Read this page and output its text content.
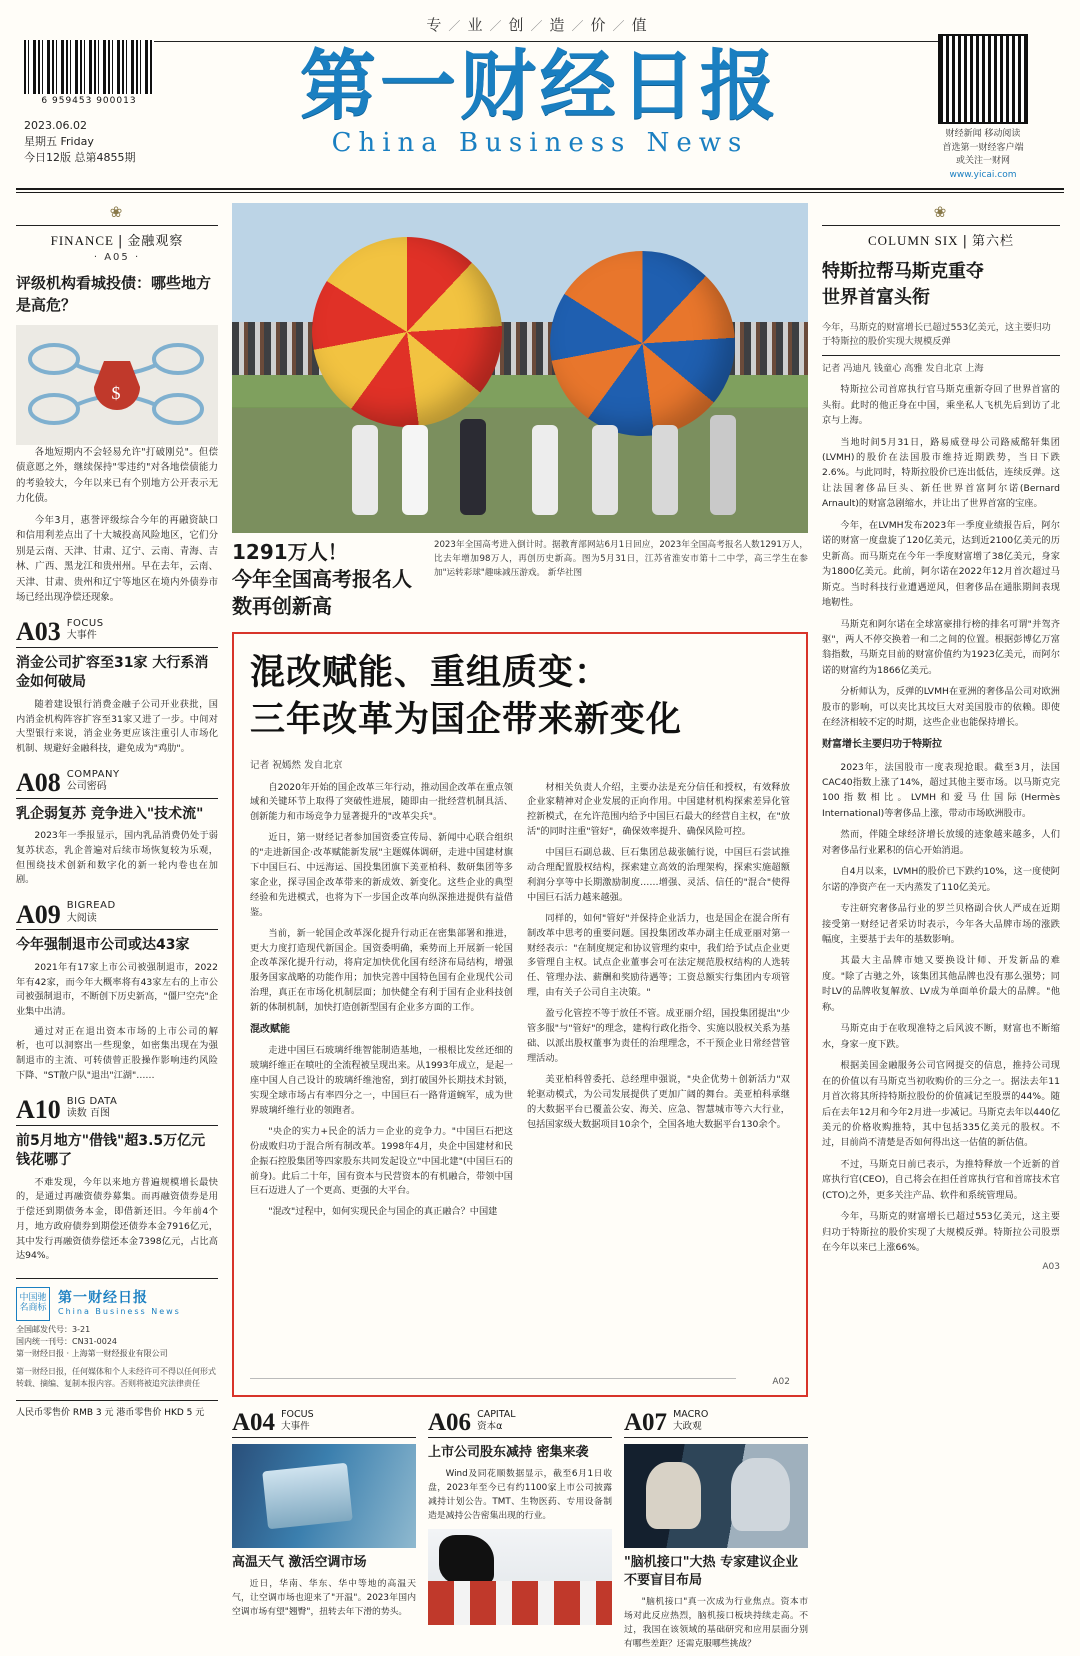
专／业／创／造／价／值
6 959453 900013
2023.06.02
星期五 Friday
今日12版 总第4855期
第一财经日报
China Business News	财经新闻 移动阅读
首选第一财经客户端
或关注一财网
www.yicai.com
❀
FINANCE | 金融观察
· A05 ·
评级机构看城投债：哪些地方是高危？
$

各地短期内不会轻易允许"打破刚兑"。但偿债意愿之外，继续保持"零违约"对各地偿债能力的考验较大，今年以来已有个别地方公开表示无力化债。

今年3月，惠誉评级综合今年的再融资缺口和信用利差点出了十大城投高风险地区，它们分别是云南、天津、甘肃、辽宁、云南、青海、吉林、广西、黑龙江和贵州州。早在去年，云南、天津、甘肃、贵州和辽宁等地区在境内外债券市场已经出现净偿还现象。

A03 FOCUS
大事件
消金公司扩容至31家 大行系消金如何破局

随着建设银行消费金融子公司开业获批，国内消金机构阵容扩容至31家又进了一步。中间对大型银行来说，消金业务更应该注重引人市场化机制、规避好金融科技，避免成为"鸡肋"。

A08 COMPANY
公司密码
乳企弱复苏 竞争进入"技术流"

2023年一季报显示，国内乳品消费仍处于弱复苏状态，乳企普遍对后续市场恢复较为乐观，但围绕技术创新和数字化的新一轮内卷也在加剧。

A09 BIGREAD
大阅读
今年强制退市公司或达43家

2021年有17家上市公司被强制退市，2022年有42家，而今年大概率将有43家左右的上市公司被强制退市，不断创下历史新高，"僵尸空壳"企业集中出清。

通过对正在退出资本市场的上市公司的解析，也可以洞察出一些现象，如密集出现在为强制退市的主流、可转债曾正股操作影响违约风险下降、"ST散户队"退出"江湖"……

A10 BIG DATA
读数 百图
前5月地方"借钱"超3.5万亿元 钱花哪了

不难发现，今年以来地方普遍规模增长最快的，是通过再融资债券募集。而再融资债券是用于偿还到期债务本金，即借新还旧。今年前4个月，地方政府债券到期偿还债券本金7916亿元，其中发行再融资债券偿还本金7398亿元，占比高达94%。

中国驰名商标
第一财经日报
China Business News
全国邮发代号：3-21
国内统一刊号：CN31-0024
第一财经日报 · 上海第一财经报业有限公司
第一财经日报，任何媒体和个人未经许可不得以任何形式转载、摘编、复制本报内容。否则将被追究法律责任
人民币零售价 RMB 3 元 港币零售价 HKD 5 元
1291万人！
今年全国高考报名人数再创新高
2023年全国高考进入倒计时。据教育部网站6月1日回应，2023年全国高考报名人数1291万人，比去年增加98万人，再创历史新高。图为5月31日，江苏省淮安市第十二中学，高三学生在参加"运转彩球"趣味减压游戏。 新华社图
混改赋能、重组质变：
三年改革为国企带来新变化
记者 祝嫣然 发自北京

自2020年开始的国企改革三年行动，推动国企改革在重点领域和关键环节上取得了突破性进展，随即由一批经营机制具活、创新能力和市场竞争力显著提升的"改革尖兵"。

近日，第一财经记者参加国资委宣传局、新闻中心联合组织的"走进新国企·改革赋能新发展"主题媒体调研，走进中国建材旗下中国巨石、中远海运、国投集团旗下美亚柏科、数研集团等多家企业，探寻国企改革带来的新成效、新变化。这些企业的典型经验和先进模式，也将为下一步国企改革向纵深推进提供有益借鉴。

当前，新一轮国企改革深化提升行动正在密集部署和推进，更大力度打造现代新国企。国资委明确，乘势而上开展新一轮国企改革深化提升行动，将肩定加快优化国有经济布局结构，增强服务国家战略的功能作用；加快完善中国特色国有企业现代公司治理，真正在市场化机制层面；加快健全有利于国有企业科技创新的体制机制，加快打造创新型国有企业多方面的工作。

混改赋能

走进中国巨石玻璃纤维智能制造基地，一根根比发丝还细的玻璃纤维正在喷吐的全流程被呈现出来。从1993年成立，是起一座中国人自己设计的玻璃纤维池窑，到打破国外长期技术封锁，实现全球市场占有率四分之一，中国巨石一路背道蜿军，成为世界玻璃纤维行业的领跑者。

"央企的实力+民企的活力＝企业的竞争力。"中国巨石把这份成败归功于混合所有制改革。1998年4月，央企中国建材和民企振石控股集团等四家股东共同发起设立"中国北建"(中国巨石的前身)。此后二十年，国有资本与民营资本的有机融合，带领中国巨石迈进人了一个更高、更强的大平台。

"混改"过程中，如何实现民企与国企的真正融合？中国建

材相关负责人介绍，主要办法是充分信任和授权，有效释放企业家精神对企业发展的正向作用。中国建材机构探索差异化管控新模式，在允许范围内给予中国巨石最大的经营自主权，在"放活"的同时注重"管好"，确保效率提升、确保风险可控。

中国巨石副总裁、巨石集团总裁张毓行说，中国巨石尝试推动合理配置股权结构，探索建立高效的治理架构，探索实施超额利润分享等中长期激励制度……增强、灵活、信任的"混合"使得中国巨石活力越来越强。

同样的，如何"管好"并保持企业活力，也是国企在混合所有制改革中思考的重要问题。国投集团改革办副主任成亚丽对第一财经表示："在制度规定和协议管理约束中，我们给予试点企业更多管理自主权。试点企业董事会可在法定规范股权结构的人选转任、管理办法、薪酬和奖励待遇等；工资总额实行集团内专项管理，由有关子公司自主决策。"

盈亏化管控不等于放任不管。成亚丽介绍，国投集团提出"少管多服"与"管好"的理念，建构行政化指令、实施以股权关系为基础、以派出股权董事为责任的治理理念，不干预企业日常经营管理活动。

美亚柏科曾委托、总经理申强说，"央企优势＋创新活力"双轮驱动模式，为公司发展提供了更加广阔的舞台。美亚柏科承继的大数据平台已覆盖公安、海关、应急、智慧城市等六大行业，包括国家级大数据项目10余个，全国各地大数据平台130余个。

A02
A04 FOCUS
大事件
高温天气 激活空调市场

近日，华南、华东、华中等地的高温天气，让空调市场也迎来了"开温"。2023年国内空调市场有望"翘臀"，扭转去年下滑的势头。

A06 CAPITAL
资本α
上市公司股东减持 密集来袭

Wind及同花顺数据显示，截至6月1日收盘，2023年至今已有约1100家上市公司披露减持计划公告。TMT、生物医药、专用设备制造是减持公告密集出现的行业。

A07 MACRO
大政观
"脑机接口"大热 专家建议企业不要盲目布局

"脑机接口"真一次成为行业焦点。资本市场对此反应热烈，脑机接口板块持续走高。不过，我国在该领域的基础研究和应用层面分别有哪些差距？还需克服哪些挑战？

❀
COLUMN SIX | 第六栏
特斯拉帮马斯克重夺
世界首富头衔
今年，马斯克的财富增长已超过553亿美元，这主要归功于特斯拉的股价实现大规模反弹
记者 冯迪凡 钱童心 高雅 发自北京 上海

特斯拉公司首席执行官马斯克重新夺回了世界首富的头衔。此时的他正身在中国，乘坐私人飞机先后到访了北京与上海。

当地时间5月31日，路易威登母公司路威酩轩集团(LVMH)的股价在法国股市维持近期跌势，当日下跌2.6%。与此同时，特斯拉股价已连出低估，连续反弹。这让法国奢侈品巨头、新任世界首富阿尔诺(Bernard Arnault)的财富急剧缩水，并让出了世界首富的宝座。

今年，在LVMH发布2023年一季度业绩报告后，阿尔诺的财富一度盘旋了120亿美元，达到近2100亿美元的历史新高。而马斯克在今年一季度财富增了38亿美元，身家为1800亿美元。此前，阿尔诺在2022年12月首次超过马斯克。当时科技行业遭遇逆风，但奢侈品在通胀期间表现地靭性。

马斯克和阿尔诺在全球富豪排行榜的排名可谓"并驾齐驱"，两人不停交换着一和二之间的位置。根据彭博亿万富翁指数，马斯克目前的财富价值约为1923亿美元，而阿尔诺的财富约为1866亿美元。

分析师认为，反弹的LVMH在亚洲的奢侈品公司对欧洲股市的影响，可以夹比其坟巨大对美国股市的依赖。即使在经济相较不定的时期，这些企业也能保持增长。

财富增长主要归功于特斯拉

2023年，法国股市一度表现抢眼。截至3月，法国CAC40指数上涨了14%，超过其他主要市场。以马斯克完100指数相比。LVMH和爱马仕国际(Hermès International)等奢侈品上涨，带动市场欧洲股市。

然而，伴随全球经济增长放缓的迹象越来越多，人们对奢侈品行业累积的信心开始消退。

自4月以来，LVMH的股价已下跌约10%，这一度使阿尔诺的净资产在一天内蒸发了110亿美元。

专注研究奢侈品行业的罗兰贝格副合伙人严成在近期接受第一财经记者采访时表示，今年各大品牌市场的涨跌幅度，主要基于去年的基数影响。

其最大主品牌市她又要换设计师、开发新品的难度。"除了古驰之外，该集团其他品牌也没有那么强势；同时LV的品牌收复解放、LV成为单面单价最大的品牌。"他称。

马斯克由于在收现准特之后风波不断，财富也不断缩水，身家一度下跌。

根据美国金融服务公司官网提交的信息，推持公司现在的价值以有马斯克当初收购价的三分之一。据法去年11月首次将其所持特斯拉股份的价值减记至股票的44%。随后在去年12月和今年2月进一步减记。马斯克去年以440亿美元的价格收购推特，其中包括335亿美元的股权。不过，目前尚不清楚是否如何得出这一估值的新估值。

不过，马斯克日前已表示，为推特释放一个近新的首席执行官(CEO)，自己将会在担任首席执行官和首席技术官(CTO)之外，更多关注产品、软件和系统管理局。

今年，马斯克的财富增长已超过553亿美元，这主要归功于特斯拉的股价实现了大规模反弹。特斯拉公司股票在今年以来已上涨66%。

A03
